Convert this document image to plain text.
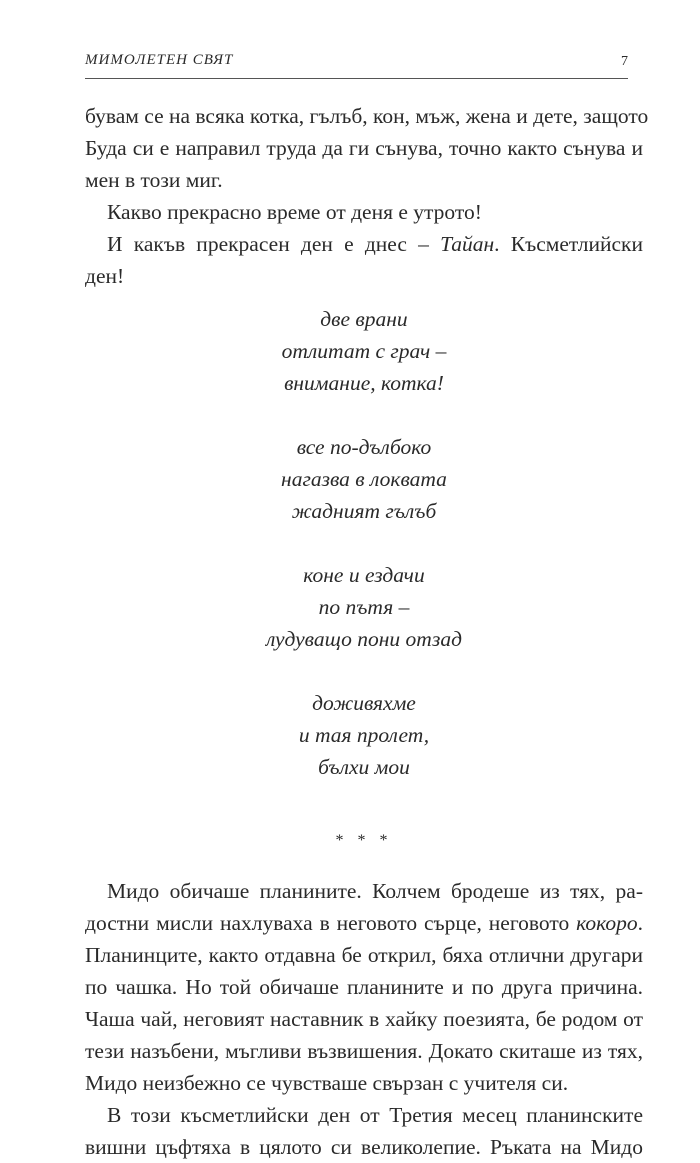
МИМОЛЕТЕН СВЯТ	7

бувам се на всяка котка, гълъб, кон, мъж, жена и дете, защото
Буда си е направил труда да ги сънува, точно както сънува и
мен в този миг.

Какво прекрасно време от деня е утрото!

И какъв прекрасен ден е днес – Тайан. Късметлийски
ден!

две врани
отлитат с грач –
внимание, котка!
все по-дълбоко
нагазва в локвата
жадният гълъб
коне и ездачи
по пътя –
лудуващо пони отзад
доживяхме
и тая пролет,
бълхи мои
* * *

Мидо обичаше планините. Колчем бродеше из тях, ра-
достни мисли нахлуваха в неговото сърце, неговото кокоро.
Планинците, както отдавна бе открил, бяха отлични другари
по чашка. Но той обичаше планините и по друга причина.
Чаша чай, неговият наставник в хайку поезията, бе родом от
тези назъбени, мъгливи възвишения. Докато скиташе из тях,
Мидо неизбежно се чувстваше свързан с учителя си.

В този късметлийски ден от Третия месец планинските
вишни цъфтяха в цялото си великолепие. Ръката на Мидо
